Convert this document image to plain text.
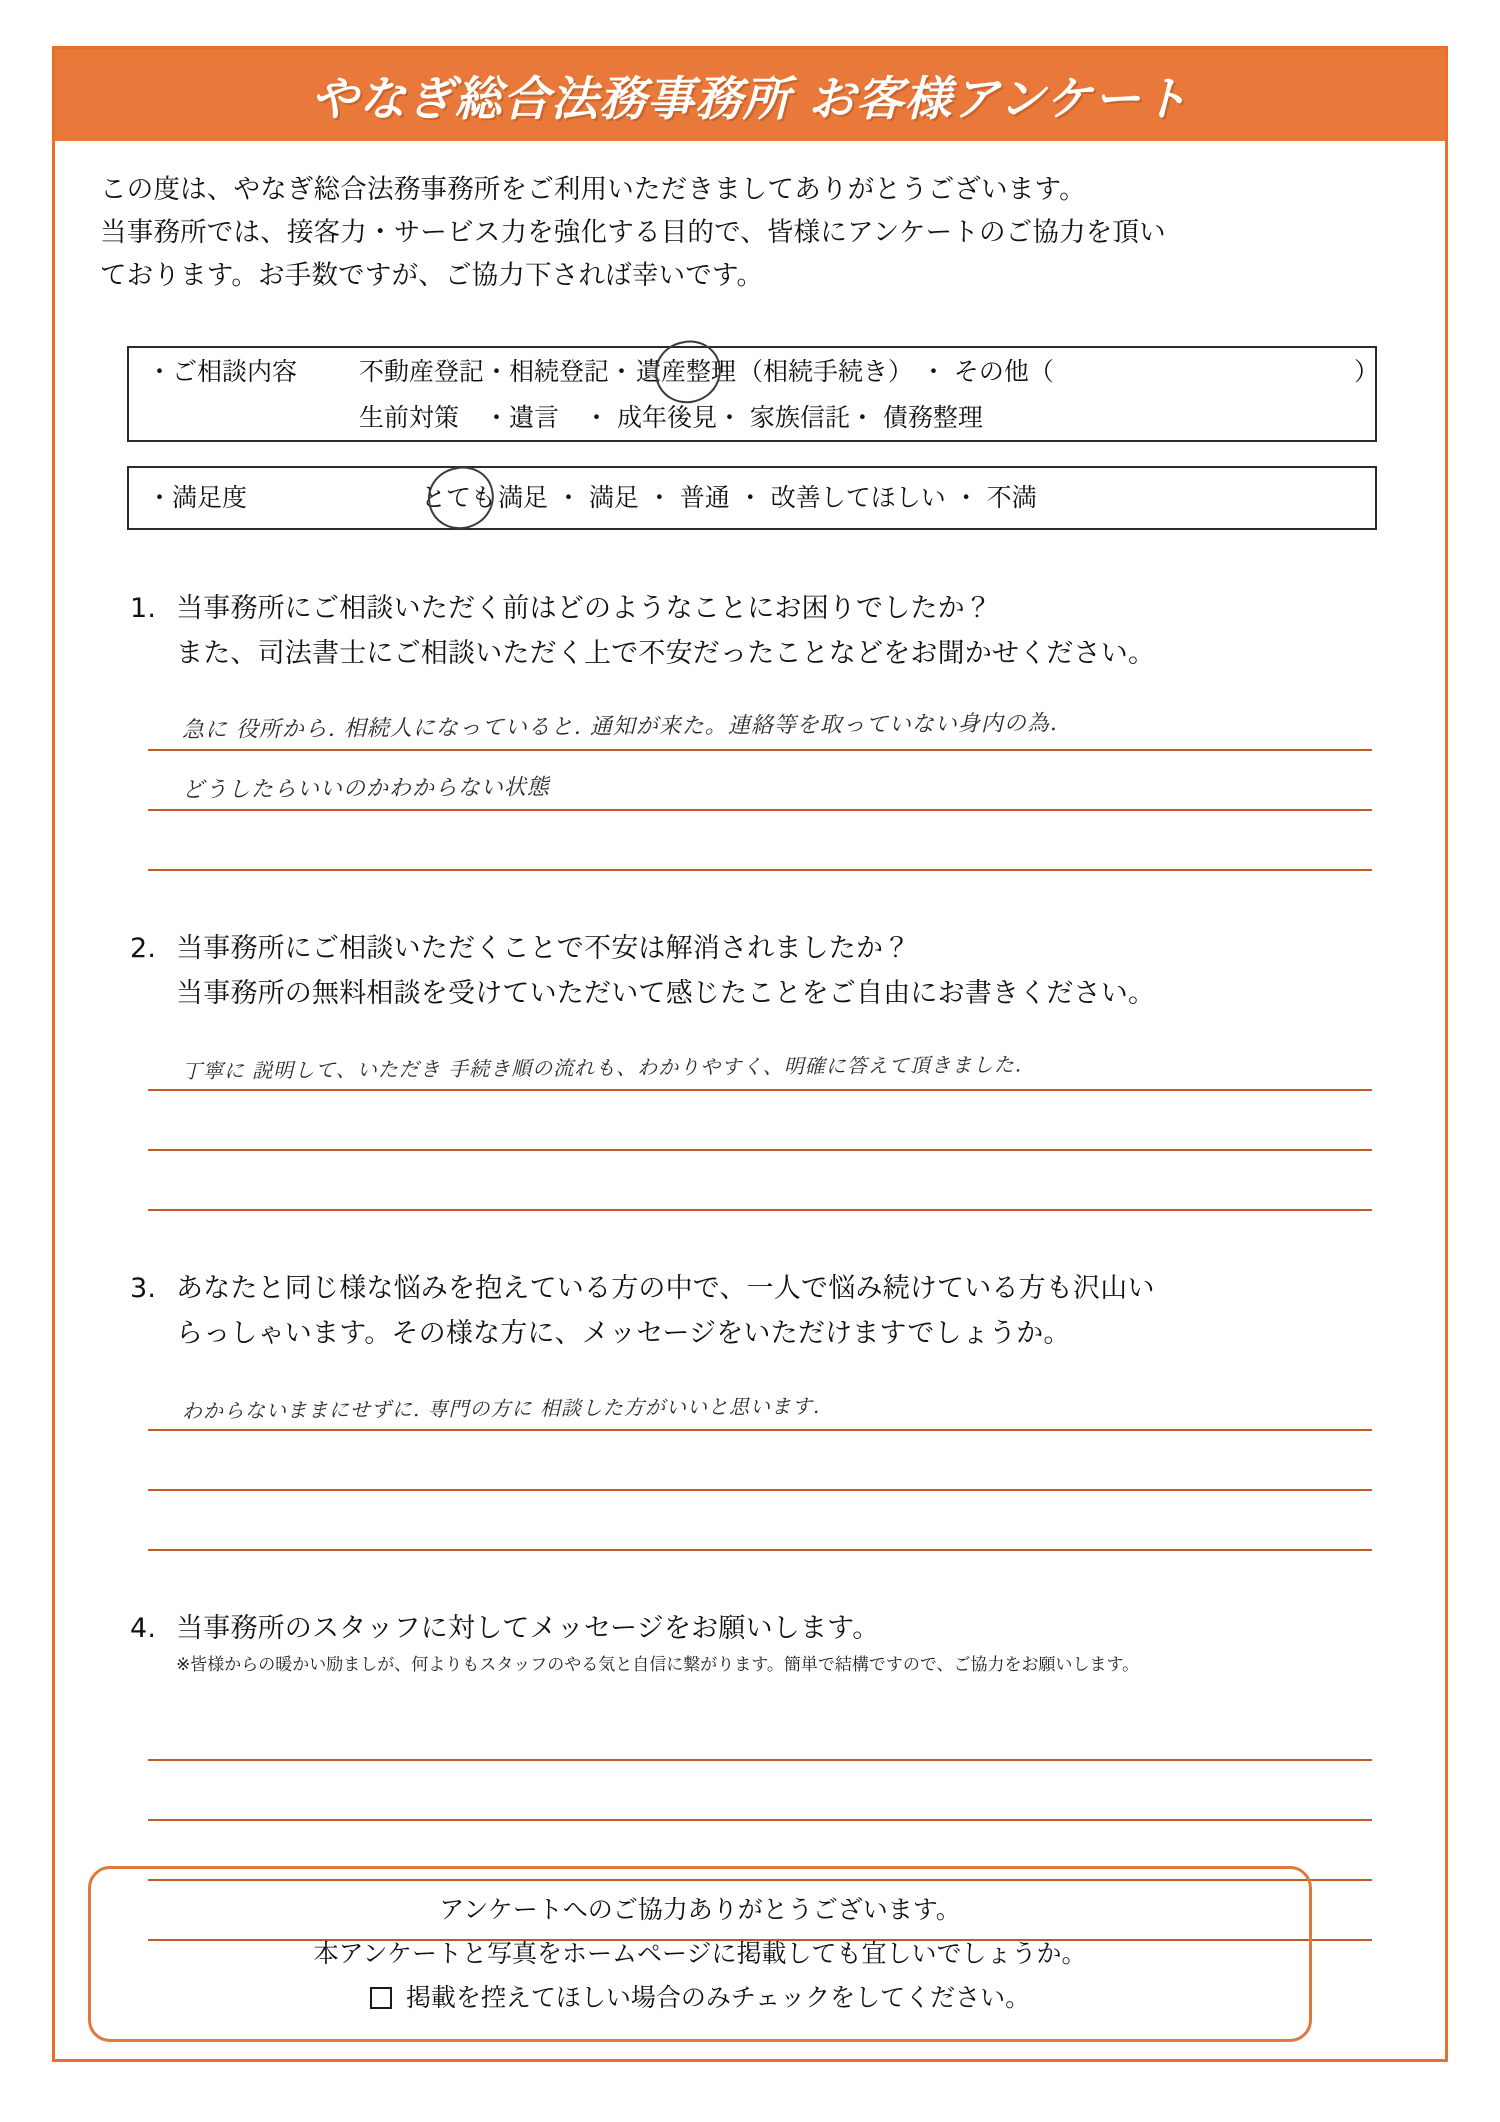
やなぎ総合法務事務所 お客様アンケート
この度は、やなぎ総合法務事務所をご利用いただきましてありがとうございます。
当事務所では、接客力・サービス力を強化する目的で、皆様にアンケートのご協力を頂い
ております。お手数ですが、ご協力下されば幸いです。
・ご相談内容	不動産登記・相続登記・遺産整理（相続手続き） ・ その他（	）
生前対策　・遺言　・ 成年後見・ 家族信託・ 債務整理
・満足度	とても満足 ・ 満足 ・ 普通 ・ 改善してほしい ・ 不満
1. 当事務所にご相談いただく前はどのようなことにお困りでしたか？
また、司法書士にご相談いただく上で不安だったことなどをお聞かせください。
急に 役所から. 相続人になっていると. 通知が来た。連絡等を取っていない身内の為.
どうしたらいいのかわからない状態
2. 当事務所にご相談いただくことで不安は解消されましたか？
当事務所の無料相談を受けていただいて感じたことをご自由にお書きください。
丁寧に 説明して、いただき 手続き順の流れも、わかりやすく、明確に答えて頂きました.
3. あなたと同じ様な悩みを抱えている方の中で、一人で悩み続けている方も沢山い
らっしゃいます。その様な方に、メッセージをいただけますでしょうか。
わからないままにせずに. 専門の方に 相談した方がいいと思います.
4. 当事務所のスタッフに対してメッセージをお願いします。
※皆様からの暖かい励ましが、何よりもスタッフのやる気と自信に繋がります。簡単で結構ですので、ご協力をお願いします。
アンケートへのご協力ありがとうございます。
本アンケートと写真をホームページに掲載しても宜しいでしょうか。
掲載を控えてほしい場合のみチェックをしてください。
